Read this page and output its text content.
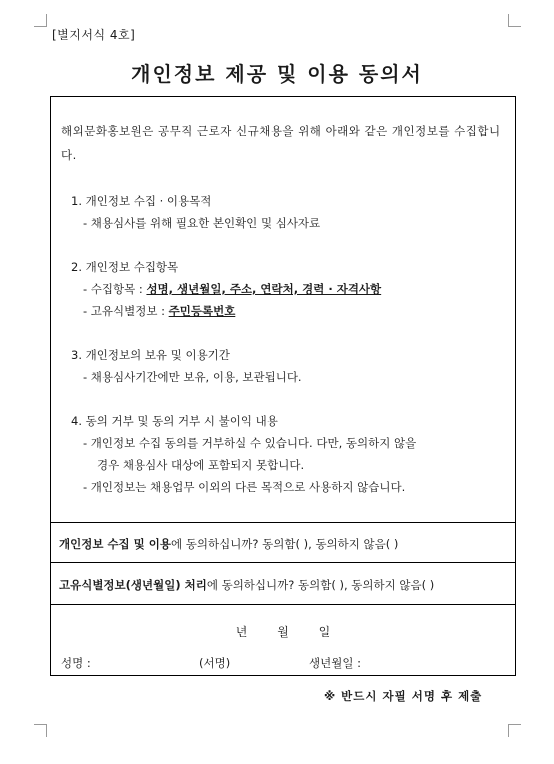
[별지서식 4호]
개인정보 제공 및 이용 동의서
해외문화홍보원은 공무직 근로자 신규채용을 위해 아래와 같은 개인정보를 수집합니다.
1. 개인정보 수집 · 이용목적
- 채용심사를 위해 필요한 본인확인 및 심사자료
2. 개인정보 수집항목
- 수집항목 : 성명, 생년월일, 주소, 연락처, 경력 · 자격사항
- 고유식별정보 : 주민등록번호
3. 개인정보의 보유 및 이용기간
- 채용심사기간에만 보유, 이용, 보관됩니다.
4. 동의 거부 및 동의 거부 시 불이익 내용
- 개인정보 수집 동의를 거부하실 수 있습니다. 다만, 동의하지 않을
경우 채용심사 대상에 포함되지 못합니다.
- 개인정보는 채용업무 이외의 다른 목적으로 사용하지 않습니다.
개인정보 수집 및 이용에 동의하십니까? 동의함( ), 동의하지 않음( )
고유식별정보(생년월일) 처리에 동의하십니까? 동의함( ), 동의하지 않음( )
년 월 일
성명 :	(서명)	생년월일 :
※ 반드시 자필 서명 후 제출
